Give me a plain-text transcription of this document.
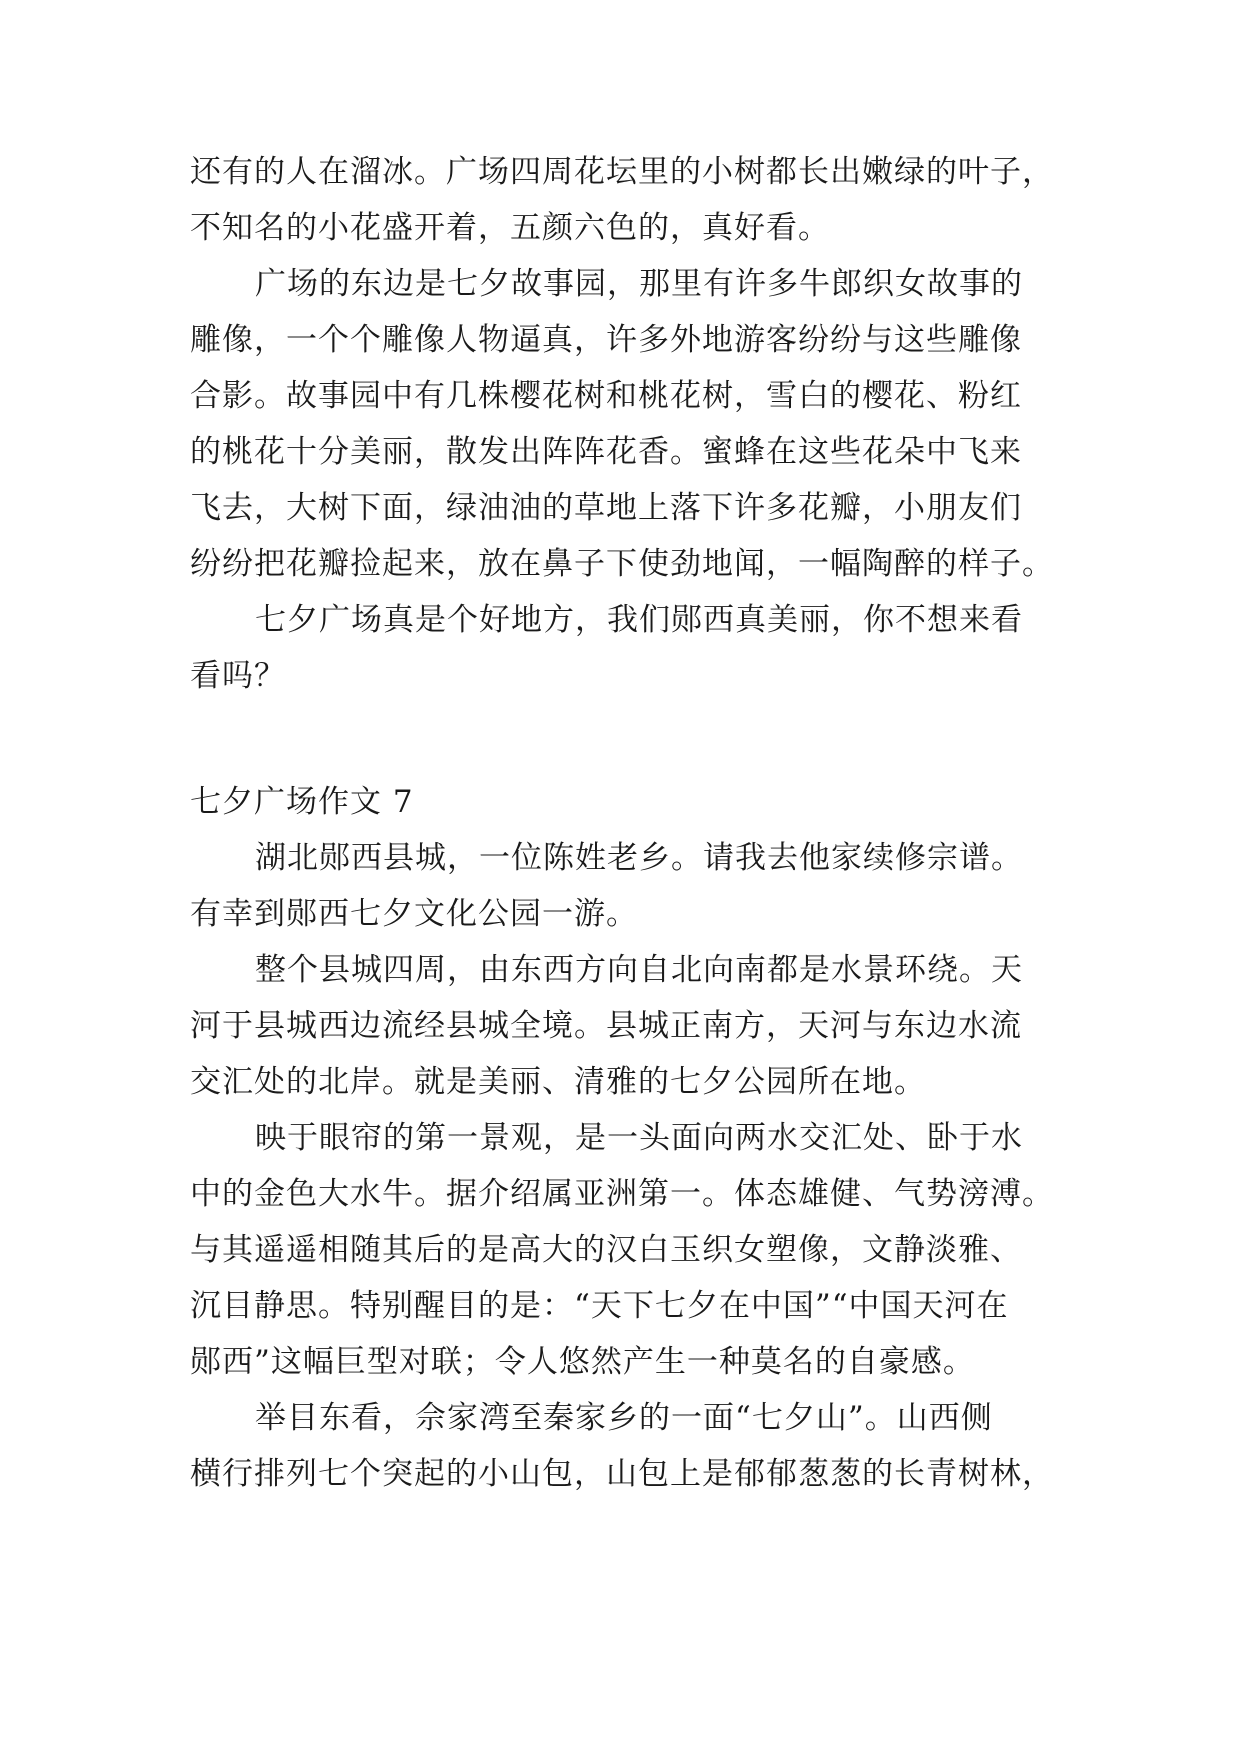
还有的人在溜冰。广场四周花坛里的小树都长出嫩绿的叶子，
不知名的小花盛开着，五颜六色的，真好看。
广场的东边是七夕故事园，那里有许多牛郎织女故事的
雕像，一个个雕像人物逼真，许多外地游客纷纷与这些雕像
合影。故事园中有几株樱花树和桃花树，雪白的樱花、粉红
的桃花十分美丽，散发出阵阵花香。蜜蜂在这些花朵中飞来
飞去，大树下面，绿油油的草地上落下许多花瓣，小朋友们
纷纷把花瓣捡起来，放在鼻子下使劲地闻，一幅陶醉的样子。
七夕广场真是个好地方，我们郧西真美丽，你不想来看
看吗？
七夕广场作文 7
湖北郧西县城，一位陈姓老乡。请我去他家续修宗谱。
有幸到郧西七夕文化公园一游。
整个县城四周，由东西方向自北向南都是水景环绕。天
河于县城西边流经县城全境。县城正南方，天河与东边水流
交汇处的北岸。就是美丽、清雅的七夕公园所在地。
映于眼帘的第一景观，是一头面向两水交汇处、卧于水
中的金色大水牛。据介绍属亚洲第一。体态雄健、气势滂溥。
与其遥遥相随其后的是高大的汉白玉织女塑像，文静淡雅、
沉目静思。特别醒目的是：“天下七夕在中国”“中国天河在
郧西”这幅巨型对联；令人悠然产生一种莫名的自豪感。
举目东看，佘家湾至秦家乡的一面“七夕山”。山西侧
横行排列七个突起的小山包，山包上是郁郁葱葱的长青树林，
